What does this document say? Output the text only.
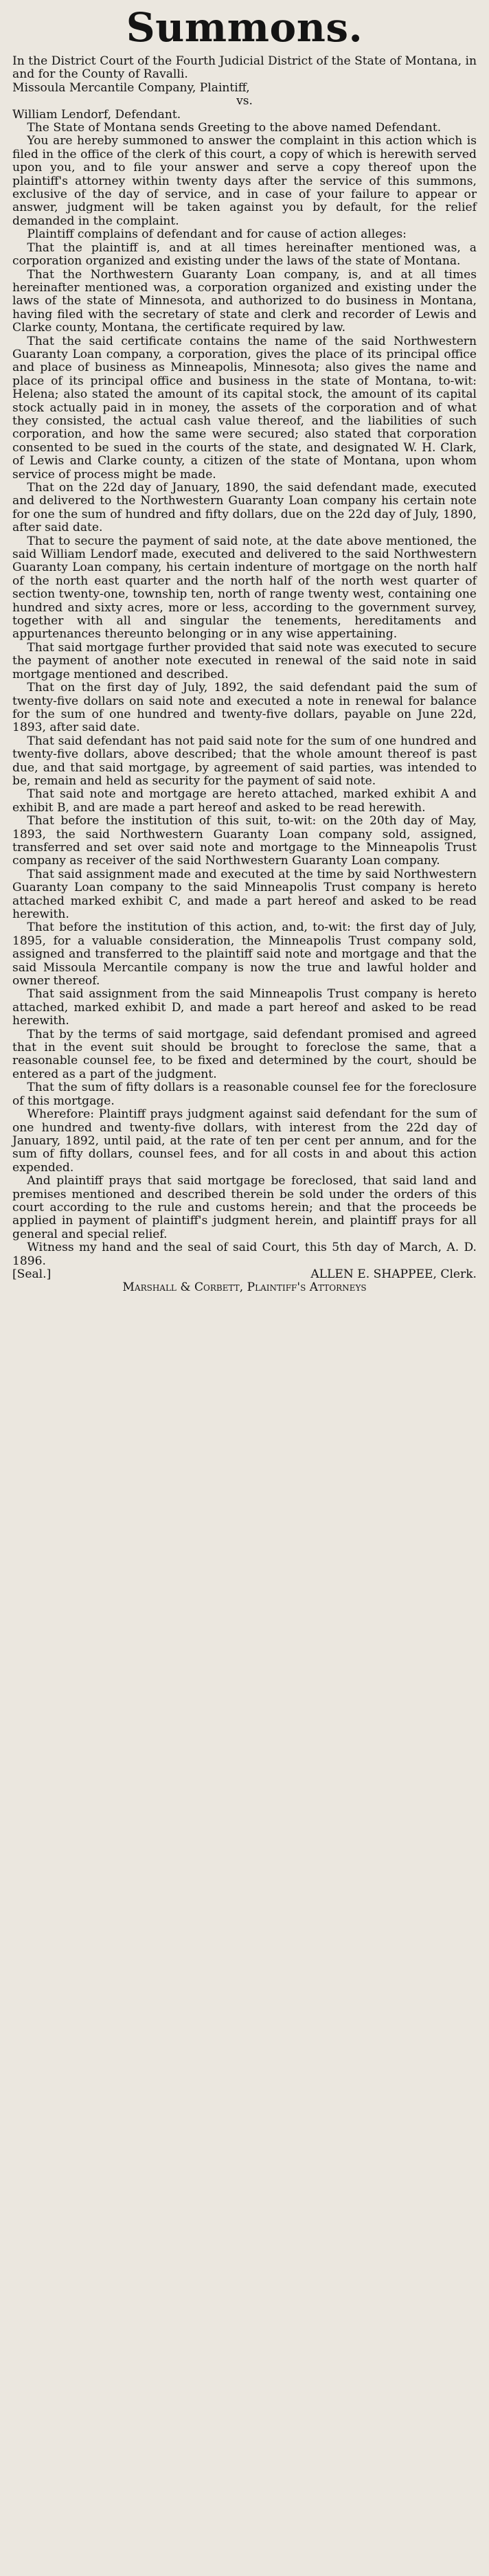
Summons.

In the District Court of the Fourth Judicial District of the State of Montana, in and for the County of Ravalli.

Missoula Mercantile Company, Plaintiff,

vs.

William Lendorf, Defendant.

The State of Montana sends Greeting to the above named Defendant.

You are hereby summoned to answer the complaint in this action which is filed in the office of the clerk of this court, a copy of which is herewith served upon you, and to file your answer and serve a copy thereof upon the plaintiff's attorney within twenty days after the service of this summons, exclusive of the day of service, and in case of your failure to appear or answer, judgment will be taken against you by default, for the relief demanded in the complaint.

Plaintiff complains of defendant and for cause of action alleges:

That the plaintiff is, and at all times hereinafter mentioned was, a corporation organized and existing under the laws of the state of Montana.

That the Northwestern Guaranty Loan company, is, and at all times hereinafter mentioned was, a corporation organized and existing under the laws of the state of Minnesota, and authorized to do business in Montana, having filed with the secretary of state and clerk and recorder of Lewis and Clarke county, Montana, the certificate required by law.

That the said certificate contains the name of the said Northwestern Guaranty Loan company, a corporation, gives the place of its principal office and place of business as Minneapolis, Minnesota; also gives the name and place of its principal office and business in the state of Montana, to-wit: Helena; also stated the amount of its capital stock, the amount of its capital stock actually paid in in money, the assets of the corporation and of what they consisted, the actual cash value thereof, and the liabilities of such corporation, and how the same were secured; also stated that corporation consented to be sued in the courts of the state, and designated W. H. Clark, of Lewis and Clarke county, a citizen of the state of Montana, upon whom service of process might be made.

That on the 22d day of January, 1890, the said defendant made, executed and delivered to the Northwestern Guaranty Loan company his certain note for one the sum of hundred and fifty dollars, due on the 22d day of July, 1890, after said date.

That to secure the payment of said note, at the date above mentioned, the said William Lendorf made, executed and delivered to the said Northwestern Guaranty Loan company, his certain indenture of mortgage on the north half of the north east quarter and the north half of the north west quarter of section twenty-one, township ten, north of range twenty west, containing one hundred and sixty acres, more or less, according to the government survey, together with all and singular the tenements, hereditaments and appurtenances thereunto belonging or in any wise appertaining.

That said mortgage further provided that said note was executed to secure the payment of another note executed in renewal of the said note in said mortgage mentioned and described.

That on the first day of July, 1892, the said defendant paid the sum of twenty-five dollars on said note and executed a note in renewal for balance for the sum of one hundred and twenty-five dollars, payable on June 22d, 1893, after said date.

That said defendant has not paid said note for the sum of one hundred and twenty-five dollars, above described; that the whole amount thereof is past due, and that said mortgage, by agreement of said parties, was intended to be, remain and held as security for the payment of said note.

That said note and mortgage are hereto attached, marked exhibit A and exhibit B, and are made a part hereof and asked to be read herewith.

That before the institution of this suit, to-wit: on the 20th day of May, 1893, the said Northwestern Guaranty Loan company sold, assigned, transferred and set over said note and mortgage to the Minneapolis Trust company as receiver of the said Northwestern Guaranty Loan company.

That said assignment made and executed at the time by said Northwestern Guaranty Loan company to the said Minneapolis Trust company is hereto attached marked exhibit C, and made a part hereof and asked to be read herewith.

That before the institution of this action, and, to-wit: the first day of July, 1895, for a valuable consideration, the Minneapolis Trust company sold, assigned and transferred to the plaintiff said note and mortgage and that the said Missoula Mercantile company is now the true and lawful holder and owner thereof.

That said assignment from the said Minneapolis Trust company is hereto attached, marked exhibit D, and made a part hereof and asked to be read herewith.

That by the terms of said mortgage, said defendant promised and agreed that in the event suit should be brought to foreclose the same, that a reasonable counsel fee, to be fixed and determined by the court, should be entered as a part of the judgment.

That the sum of fifty dollars is a reasonable counsel fee for the foreclosure of this mortgage.

Wherefore: Plaintiff prays judgment against said defendant for the sum of one hundred and twenty-five dollars, with interest from the 22d day of January, 1892, until paid, at the rate of ten per cent per annum, and for the sum of fifty dollars, counsel fees, and for all costs in and about this action expended.

And plaintiff prays that said mortgage be foreclosed, that said land and premises mentioned and described therein be sold under the orders of this court according to the rule and customs herein; and that the proceeds be applied in payment of plaintiff's judgment herein, and plaintiff prays for all general and special relief.

Witness my hand and the seal of said Court, this 5th day of March, A. D. 1896.

[Seal.]	ALLEN E. SHAPPEE, Clerk.

Marshall & Corbett, Plaintiff's Attorneys
